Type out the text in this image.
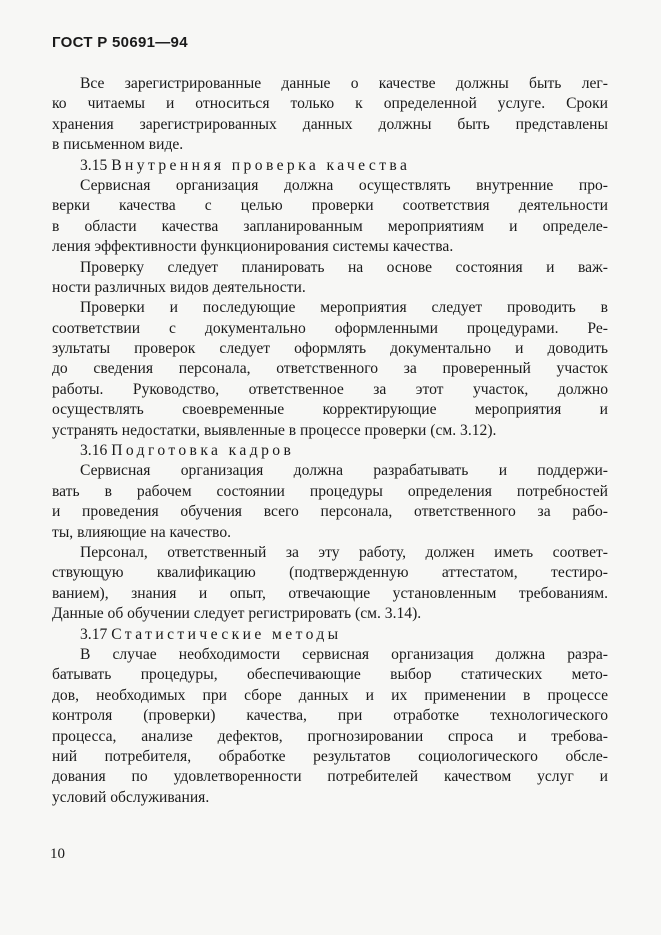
ГОСТ Р 50691—94
Все зарегистрированные данные о качестве должны быть лег-
ко читаемы и относиться только к определенной услуге. Сроки
хранения зарегистрированных данных должны быть представлены
в письменном виде.
3.15 Внутренняя проверка качества
Сервисная организация должна осуществлять внутренние про-
верки качества с целью проверки соответствия деятельности
в области качества запланированным мероприятиям и определе-
ления эффективности функционирования системы качества.
Проверку следует планировать на основе состояния и важ-
ности различных видов деятельности.
Проверки и последующие мероприятия следует проводить в
соответствии с документально оформленными процедурами. Ре-
зультаты проверок следует оформлять документально и доводить
до сведения персонала, ответственного за проверенный участок
работы. Руководство, ответственное за этот участок, должно
осуществлять своевременные корректирующие мероприятия и
устранять недостатки, выявленные в процессе проверки (см. 3.12).
3.16 Подготовка кадров
Сервисная организация должна разрабатывать и поддержи-
вать в рабочем состоянии процедуры определения потребностей
и проведения обучения всего персонала, ответственного за рабо-
ты, влияющие на качество.
Персонал, ответственный за эту работу, должен иметь соответ-
ствующую квалификацию (подтвержденную аттестатом, тестиро-
ванием), знания и опыт, отвечающие установленным требованиям.
Данные об обучении следует регистрировать (см. 3.14).
3.17 Статистические методы
В случае необходимости сервисная организация должна разра-
батывать процедуры, обеспечивающие выбор статических мето-
дов, необходимых при сборе данных и их применении в процессе
контроля (проверки) качества, при отработке технологического
процесса, анализе дефектов, прогнозировании спроса и требова-
ний потребителя, обработке результатов социологического обсле-
дования по удовлетворенности потребителей качеством услуг и
условий обслуживания.
10
